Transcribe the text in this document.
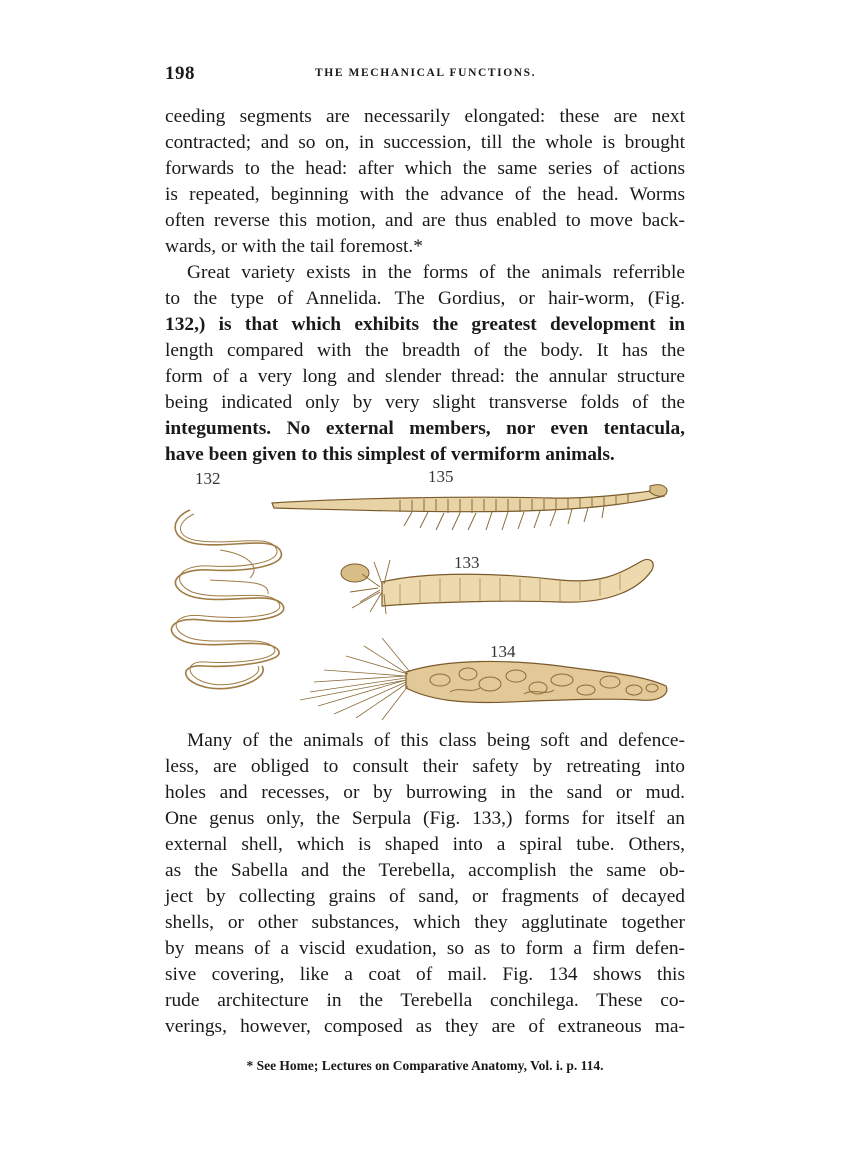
198	THE MECHANICAL FUNCTIONS.

ceeding segments are necessarily elongated: these are next

contracted; and so on, in succession, till the whole is brought

forwards to the head: after which the same series of actions

is repeated, beginning with the advance of the head. Worms

often reverse this motion, and are thus enabled to move back-

wards, or with the tail foremost.*

Great variety exists in the forms of the animals referrible

to the type of Annelida. The Gordius, or hair-worm, (Fig.

132,) is that which exhibits the greatest development in

length compared with the breadth of the body. It has the

form of a very long and slender thread: the annular structure

being indicated only by very slight transverse folds of the

integuments. No external members, nor even tentacula,

have been given to this simplest of vermiform animals.

132	135
133
134

Many of the animals of this class being soft and defence-

less, are obliged to consult their safety by retreating into

holes and recesses, or by burrowing in the sand or mud.

One genus only, the Serpula (Fig. 133,) forms for itself an

external shell, which is shaped into a spiral tube. Others,

as the Sabella and the Terebella, accomplish the same ob-

ject by collecting grains of sand, or fragments of decayed

shells, or other substances, which they agglutinate together

by means of a viscid exudation, so as to form a firm defen-

sive covering, like a coat of mail. Fig. 134 shows this

rude architecture in the Terebella conchilega. These co-

verings, however, composed as they are of extraneous ma-

* See Home; Lectures on Comparative Anatomy, Vol. i. p. 114.
